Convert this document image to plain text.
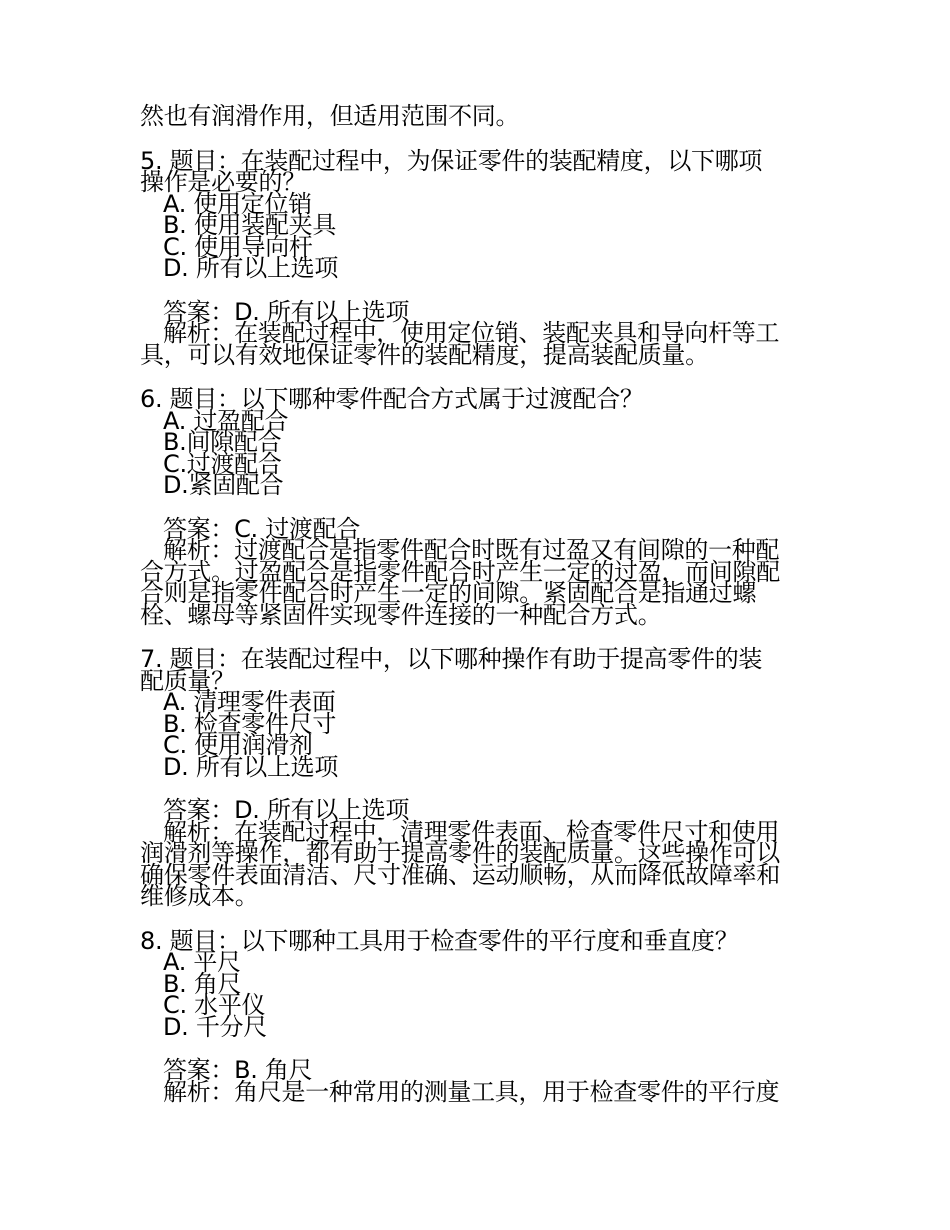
然也有润滑作用，但适用范围不同。
5. 题目：在装配过程中，为保证零件的装配精度，以下哪项
操作是必要的？
A. 使用定位销
B. 使用装配夹具
C. 使用导向杆
D. 所有以上选项
答案：D. 所有以上选项
解析：在装配过程中，使用定位销、装配夹具和导向杆等工
具，可以有效地保证零件的装配精度，提高装配质量。
6. 题目：以下哪种零件配合方式属于过渡配合？
A. 过盈配合
B.间隙配合
C.过渡配合
D.紧固配合
答案：C. 过渡配合
解析：过渡配合是指零件配合时既有过盈又有间隙的一种配
合方式。过盈配合是指零件配合时产生一定的过盈，而间隙配
合则是指零件配合时产生一定的间隙。紧固配合是指通过螺
栓、螺母等紧固件实现零件连接的一种配合方式。
7. 题目：在装配过程中，以下哪种操作有助于提高零件的装
配质量？
A. 清理零件表面
B. 检查零件尺寸
C. 使用润滑剂
D. 所有以上选项
答案：D. 所有以上选项
解析：在装配过程中，清理零件表面、检查零件尺寸和使用
润滑剂等操作，都有助于提高零件的装配质量。这些操作可以
确保零件表面清洁、尺寸准确、运动顺畅，从而降低故障率和
维修成本。
8. 题目：以下哪种工具用于检查零件的平行度和垂直度？
A. 平尺
B. 角尺
C. 水平仪
D. 千分尺
答案：B. 角尺
解析：角尺是一种常用的测量工具，用于检查零件的平行度
